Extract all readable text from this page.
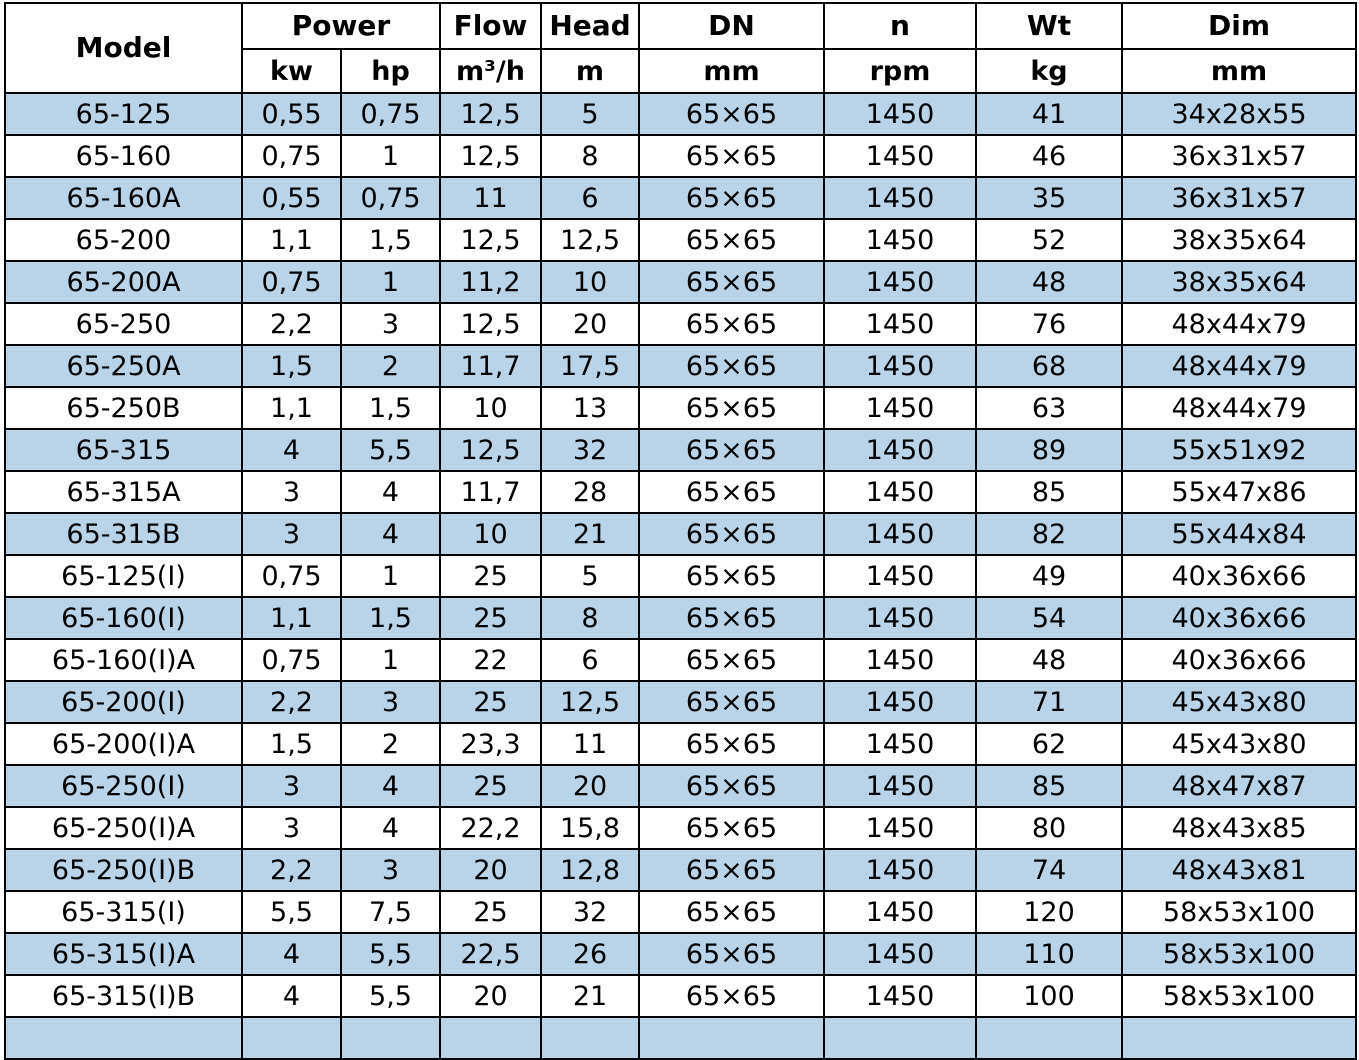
Model	Power		Flow	Head	DN	n	Wt	Dim
	kw	hp	m³/h	m	mm	rpm	kg	mm
65-125	0,55	0,75	12,5	5	65×65	1450	41	34x28x55
65-160	0,75	1	12,5	8	65×65	1450	46	36x31x57
65-160A	0,55	0,75	11	6	65×65	1450	35	36x31x57
65-200	1,1	1,5	12,5	12,5	65×65	1450	52	38x35x64
65-200A	0,75	1	11,2	10	65×65	1450	48	38x35x64
65-250	2,2	3	12,5	20	65×65	1450	76	48x44x79
65-250A	1,5	2	11,7	17,5	65×65	1450	68	48x44x79
65-250B	1,1	1,5	10	13	65×65	1450	63	48x44x79
65-315	4	5,5	12,5	32	65×65	1450	89	55x51x92
65-315A	3	4	11,7	28	65×65	1450	85	55x47x86
65-315B	3	4	10	21	65×65	1450	82	55x44x84
65-125(I)	0,75	1	25	5	65×65	1450	49	40x36x66
65-160(I)	1,1	1,5	25	8	65×65	1450	54	40x36x66
65-160(I)A	0,75	1	22	6	65×65	1450	48	40x36x66
65-200(I)	2,2	3	25	12,5	65×65	1450	71	45x43x80
65-200(I)A	1,5	2	23,3	11	65×65	1450	62	45x43x80
65-250(I)	3	4	25	20	65×65	1450	85	48x47x87
65-250(I)A	3	4	22,2	15,8	65×65	1450	80	48x43x85
65-250(I)B	2,2	3	20	12,8	65×65	1450	74	48x43x81
65-315(I)	5,5	7,5	25	32	65×65	1450	120	58x53x100
65-315(I)A	4	5,5	22,5	26	65×65	1450	110	58x53x100
65-315(I)B	4	5,5	20	21	65×65	1450	100	58x53x100
